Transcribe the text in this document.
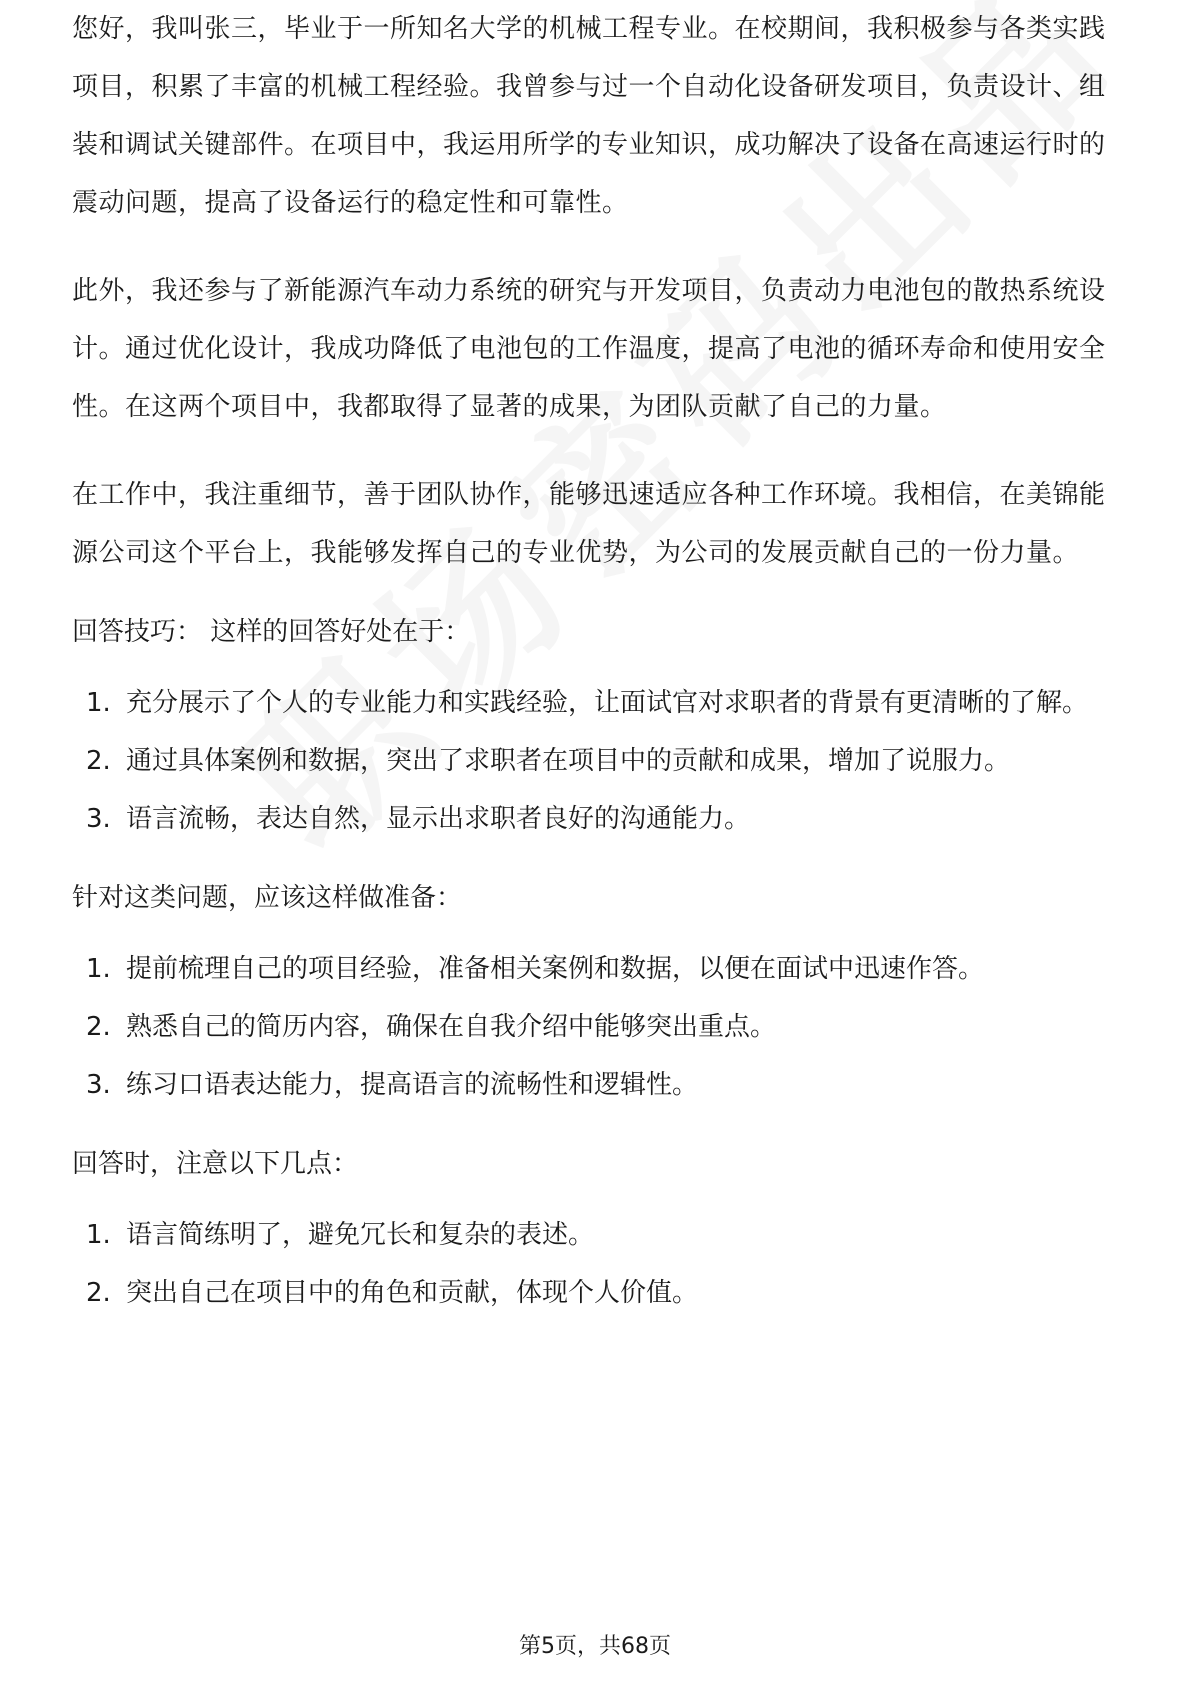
您好，我叫张三，毕业于一所知名大学的机械工程专业。在校期间，我积极参与各类实践项目，积累了丰富的机械工程经验。我曾参与过一个自动化设备研发项目，负责设计、组装和调试关键部件。在项目中，我运用所学的专业知识，成功解决了设备在高速运行时的震动问题，提高了设备运行的稳定性和可靠性。

此外，我还参与了新能源汽车动力系统的研究与开发项目，负责动力电池包的散热系统设计。通过优化设计，我成功降低了电池包的工作温度，提高了电池的循环寿命和使用安全性。在这两个项目中，我都取得了显著的成果，为团队贡献了自己的力量。

在工作中，我注重细节，善于团队协作，能够迅速适应各种工作环境。我相信，在美锦能源公司这个平台上，我能够发挥自己的专业优势，为公司的发展贡献自己的一份力量。

回答技巧： 这样的回答好处在于：

1. 充分展示了个人的专业能力和实践经验，让面试官对求职者的背景有更清晰的了解。
2. 通过具体案例和数据，突出了求职者在项目中的贡献和成果，增加了说服力。
3. 语言流畅，表达自然，显示出求职者良好的沟通能力。

针对这类问题，应该这样做准备：

1. 提前梳理自己的项目经验，准备相关案例和数据，以便在面试中迅速作答。
2. 熟悉自己的简历内容，确保在自我介绍中能够突出重点。
3. 练习口语表达能力，提高语言的流畅性和逻辑性。

回答时，注意以下几点：

1. 语言简练明了，避免冗长和复杂的表述。
2. 突出自己在项目中的角色和贡献，体现个人价值。
第5页，共68页
